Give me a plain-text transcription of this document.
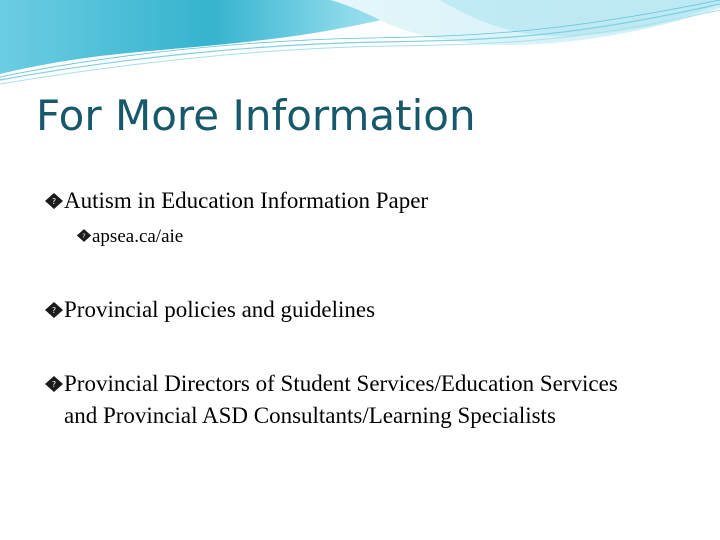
For More Information
? Autism in Education Information Paper
? apsea.ca/aie
? Provincial policies and guidelines
? Provincial Directors of Student Services/Education Services and Provincial ASD Consultants/Learning Specialists
